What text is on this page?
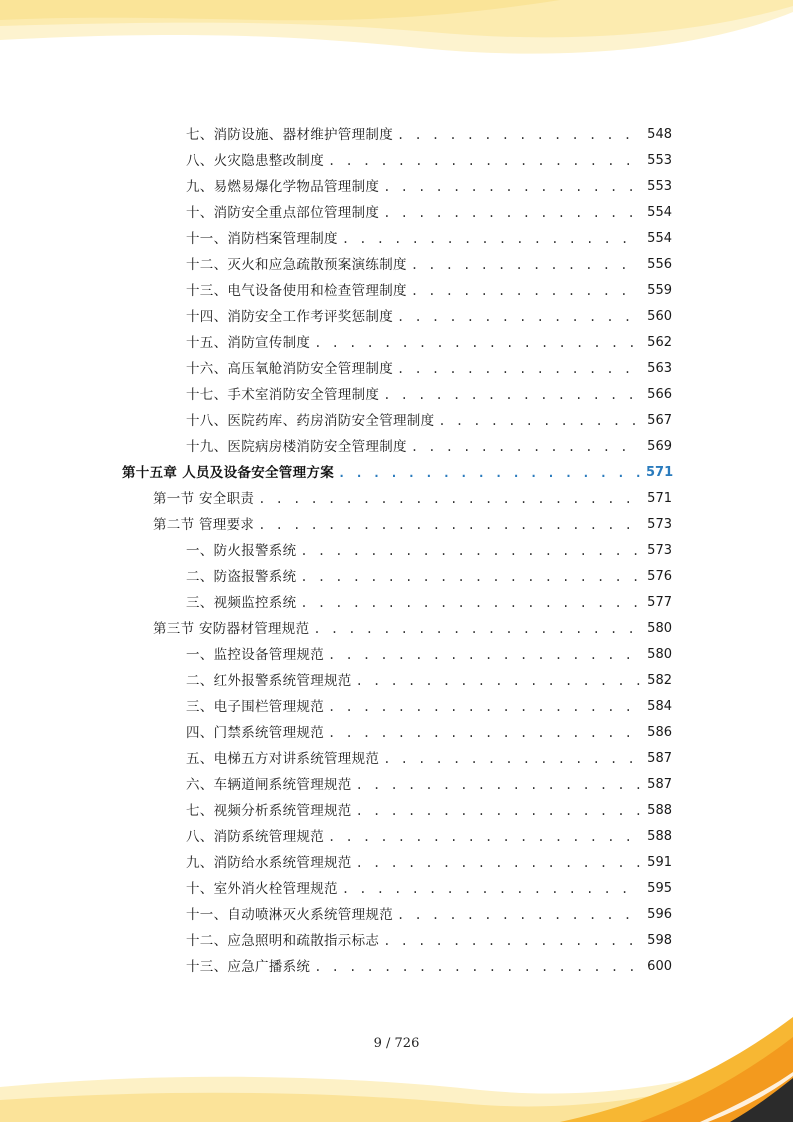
七、消防设施、器材维护管理制度 . . .	548
八、火灾隐患整改制度 . . .	553
九、易燃易爆化学物品管理制度 . . .	553
十、消防安全重点部位管理制度 . . .	554
十一、消防档案管理制度 . . .	554
十二、灭火和应急疏散预案演练制度 . . .	556
十三、电气设备使用和检查管理制度 . . .	559
十四、消防安全工作考评奖惩制度 . . .	560
十五、消防宣传制度 . . .	562
十六、高压氧舱消防安全管理制度 . . .	563
十七、手术室消防安全管理制度 . . .	566
十八、医院药库、药房消防安全管理制度 . . .	567
十九、医院病房楼消防安全管理制度 . . .	569
第十五章 人员及设备安全管理方案 . . .	571
第一节 安全职责 . . .	571
第二节 管理要求 . . .	573
一、防火报警系统 . . .	573
二、防盗报警系统 . . .	576
三、视频监控系统 . . .	577
第三节 安防器材管理规范 . . .	580
一、监控设备管理规范 . . .	580
二、红外报警系统管理规范 . . .	582
三、电子围栏管理规范 . . .	584
四、门禁系统管理规范 . . .	586
五、电梯五方对讲系统管理规范 . . .	587
六、车辆道闸系统管理规范 . . .	587
七、视频分析系统管理规范 . . .	588
八、消防系统管理规范 . . .	588
九、消防给水系统管理规范 . . .	591
十、室外消火栓管理规范 . . .	595
十一、自动喷淋灭火系统管理规范 . . .	596
十二、应急照明和疏散指示标志 . . .	598
十三、应急广播系统 . . .	600
9 / 726
